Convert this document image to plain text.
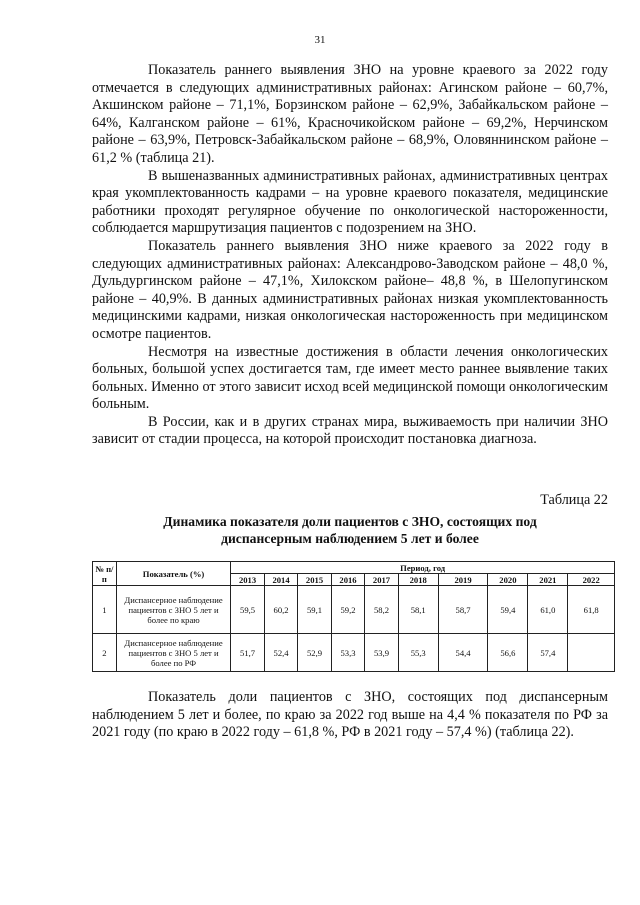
31

Показатель раннего выявления ЗНО на уровне краевого за 2022 году отмечается в следующих административных районах: Агинском районе – 60,7%, Акшинском районе – 71,1%, Борзинском районе – 62,9%, Забайкальском районе – 64%, Калганском районе – 61%, Красночикойском районе – 69,2%, Нерчинском районе – 63,9%, Петровск-Забайкальском районе – 68,9%, Оловяннинском районе – 61,2 % (таблица 21).

В вышеназванных административных районах, административных центрах края укомплектованность кадрами – на уровне краевого показателя, медицинские работники проходят регулярное обучение по онкологической настороженности, соблюдается маршрутизация пациентов с подозрением на ЗНО.

Показатель раннего выявления ЗНО ниже краевого за 2022 году в следующих административных районах: Александрово-Заводском районе – 48,0 %, Дульдургинском районе – 47,1%, Хилокском районе– 48,8 %, в Шелопугинском районе – 40,9%. В данных административных районах низкая укомплектованность медицинскими кадрами, низкая онкологическая настороженность при медицинском осмотре пациентов.

Несмотря на известные достижения в области лечения онкологических больных, большой успех достигается там, где имеет место раннее выявление таких больных. Именно от этого зависит исход всей медицинской помощи онкологическим больным.

В России, как и в других странах мира, выживаемость при наличии ЗНО зависит от стадии процесса, на которой происходит постановка диагноза.

Таблица 22
Динамика показателя доли пациентов с ЗНО, состоящих под
диспансерным наблюдением 5 лет и более
№ п/п	Показатель (%)	Период, год									
		2013	2014	2015	2016	2017	2018	2019	2020	2021	2022
1	Диспансерное наблюдение пациентов с ЗНО 5 лет и более по краю	59,5	60,2	59,1	59,2	58,2	58,1	58,7	59,4	61,0	61,8
2	Диспансерное наблюдение пациентов с ЗНО 5 лет и более по РФ	51,7	52,4	52,9	53,3	53,9	55,3	54,4	56,6	57,4	

Показатель доли пациентов с ЗНО, состоящих под диспансерным наблюдением 5 лет и более, по краю за 2022 год выше на 4,4 % показателя по РФ за 2021 году (по краю в 2022 году – 61,8 %, РФ в 2021 году – 57,4 %) (таблица 22).
